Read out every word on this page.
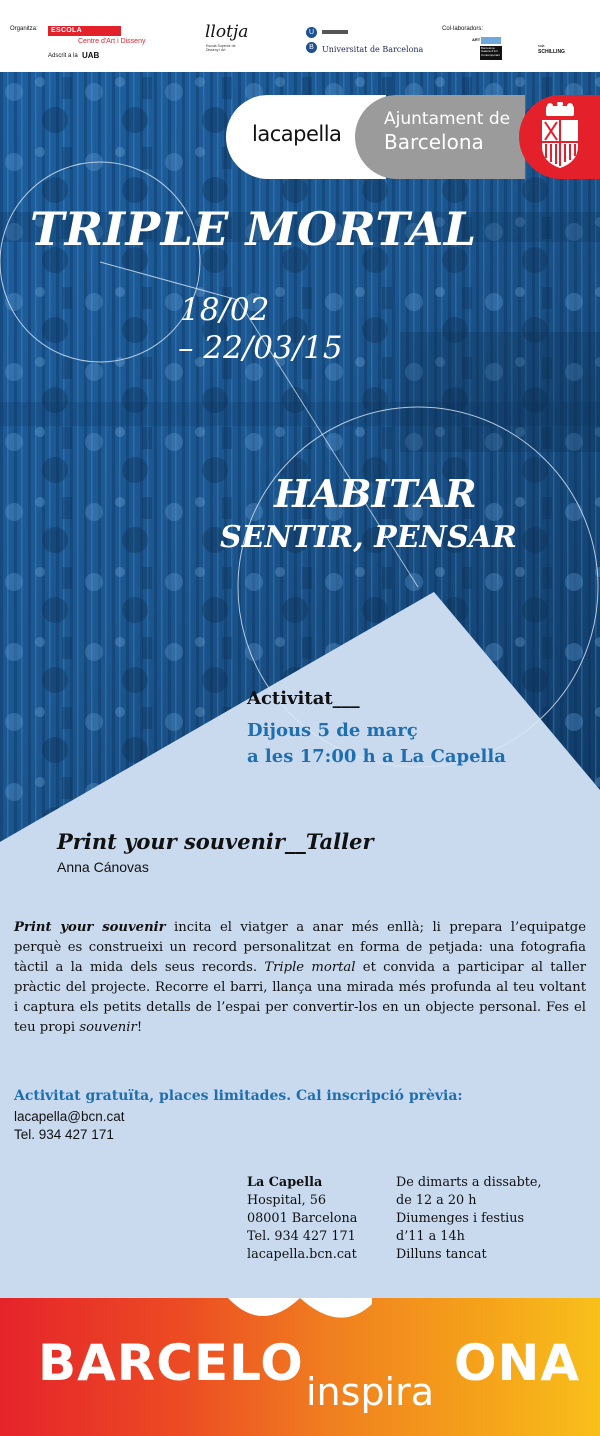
Organitza:	ESCOLA MASSANA
Centre d'Art i Disseny
Adscrit a la UAB
llotja
Escola Superior de Disseny i Art
U
B	Universitat de Barcelona
Col·laboradors:
ART
Barcelona Galeria d'Art Contemporani
sala
SCHILLING
lacapella
Ajuntament de
Barcelona
TRIPLE MORTAL
18/02
– 22/03/15
HABITAR
SENTIR, PENSAR
Activitat___
Dijous 5 de març
a les 17:00 h a La Capella
Print your souvenir__Taller
Anna Cánovas

Print your souvenir incita el viatger a anar més enllà; li prepara l’equipatge perquè es construeixi un record personalitzat en forma de petjada: una fotografia tàctil a la mida dels seus records. Triple mortal et convida a participar al taller pràctic del projecte. Recorre el barri, llança una mirada més profunda al teu voltant i captura els petits detalls de l’espai per convertir-los en un objecte personal. Fes el teu propi souvenir!

Activitat gratuïta, places limitades. Cal inscripció prèvia:
lacapella@bcn.cat
Tel. 934 427 171
La Capella
Hospital, 56
08001 Barcelona
Tel. 934 427 171
lacapella.bcn.cat
De dimarts a dissabte,
de 12 a 20 h
Diumenges i festius
d’11 a 14h
Dilluns tancat
BARCELO	ONA
inspira
